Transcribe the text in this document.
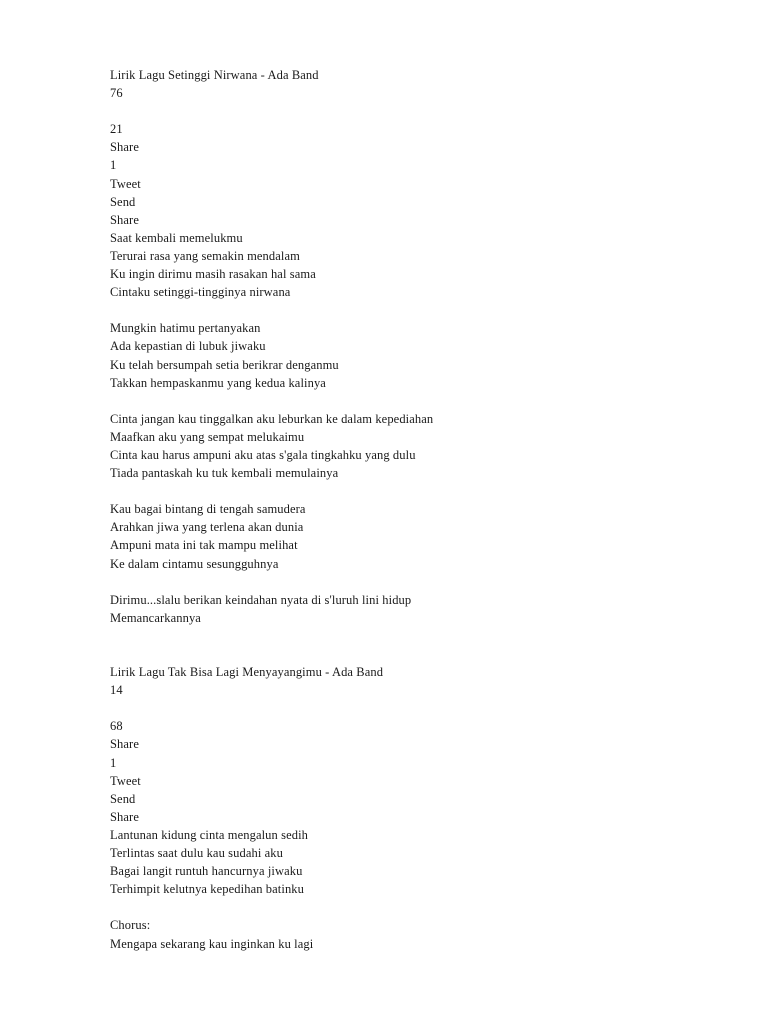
Lirik Lagu Setinggi Nirwana - Ada Band
76
21
Share
1
Tweet
Send
Share
Saat kembali memelukmu
Terurai rasa yang semakin mendalam
Ku ingin dirimu masih rasakan hal sama
Cintaku setinggi-tingginya nirwana
Mungkin hatimu pertanyakan
Ada kepastian di lubuk jiwaku
Ku telah bersumpah setia berikrar denganmu
Takkan hempaskanmu yang kedua kalinya
Cinta jangan kau tinggalkan aku leburkan ke dalam kepediahan
Maafkan aku yang sempat melukaimu
Cinta kau harus ampuni aku atas s'gala tingkahku yang dulu
Tiada pantaskah ku tuk kembali memulainya
Kau bagai bintang di tengah samudera
Arahkan jiwa yang terlena akan dunia
Ampuni mata ini tak mampu melihat
Ke dalam cintamu sesungguhnya
Dirimu...slalu berikan keindahan nyata di s'luruh lini hidup
Memancarkannya
Lirik Lagu Tak Bisa Lagi Menyayangimu - Ada Band
14
68
Share
1
Tweet
Send
Share
Lantunan kidung cinta mengalun sedih
Terlintas saat dulu kau sudahi aku
Bagai langit runtuh hancurnya jiwaku
Terhimpit kelutnya kepedihan batinku
Chorus:
Mengapa sekarang kau inginkan ku lagi
